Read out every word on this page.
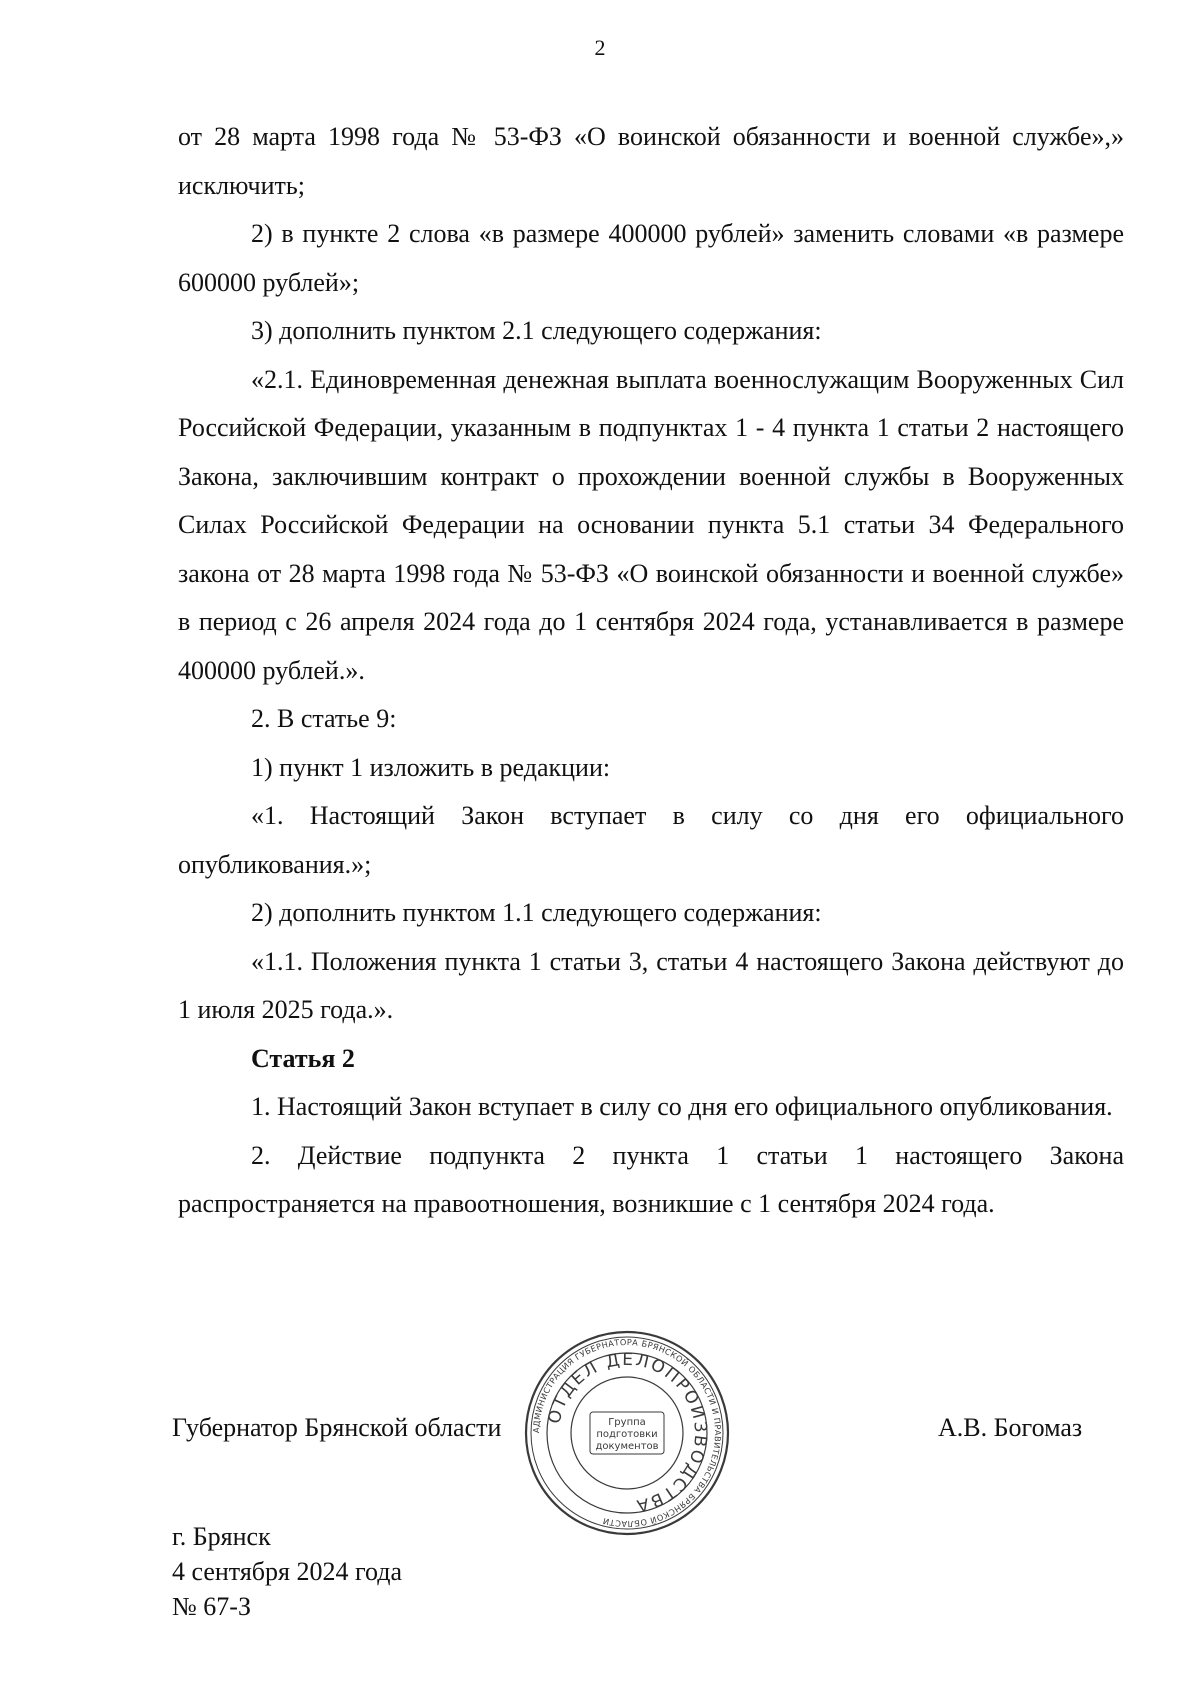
2

от 28 марта 1998 года № 53-ФЗ «О воинской обязанности и военной службе»,» исключить;

2) в пункте 2 слова «в размере 400000 рублей» заменить словами «в размере 600000 рублей»;

3) дополнить пунктом 2.1 следующего содержания:

«2.1. Единовременная денежная выплата военнослужащим Вооруженных Сил Российской Федерации, указанным в подпунктах 1 - 4 пункта 1 статьи 2 настоящего Закона, заключившим контракт о прохождении военной службы в Вооруженных Силах Российской Федерации на основании пункта 5.1 статьи 34 Федерального закона от 28 марта 1998 года № 53-ФЗ «О воинской обязанности и военной службе» в период с 26 апреля 2024 года до 1 сентября 2024 года, устанавливается в размере 400000 рублей.».

2. В статье 9:

1) пункт 1 изложить в редакции:

«1. Настоящий Закон вступает в силу со дня его официального опубликования.»;

2) дополнить пунктом 1.1 следующего содержания:

«1.1. Положения пункта 1 статьи 3, статьи 4 настоящего Закона действуют до 1 июля 2025 года.».

Статья 2

1. Настоящий Закон вступает в силу со дня его официального опубликования.

2. Действие подпункта 2 пункта 1 статьи 1 настоящего Закона распространяется на правоотношения, возникшие с 1 сентября 2024 года.

Губернатор Брянской области	А.В. Богомаз
г. Брянск
4 сентября 2024 года
№ 67-З
АДМИНИСТРАЦИЯ ГУБЕРНАТОРА БРЯНСКОЙ ОБЛАСТИ И ПРАВИТЕЛЬСТВА БРЯНСКОЙ ОБЛАСТИ
ОТДЕЛ ДЕЛОПРОИЗВОДСТВА
Группа
подготовки
документов
